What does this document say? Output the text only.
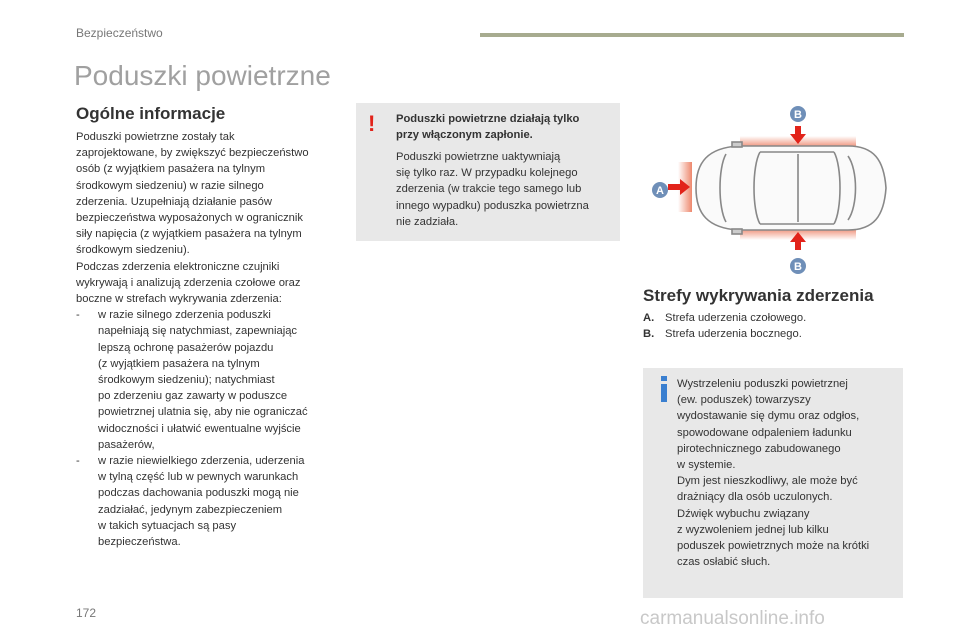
Bezpieczeństwo
Poduszki powietrzne
Ogólne informacje

Poduszki powietrzne zostały tak

zaprojektowane, by zwiększyć bezpieczeństwo

osób (z wyjątkiem pasażera na tylnym

środkowym siedzeniu) w razie silnego

zderzenia. Uzupełniają działanie pasów

bezpieczeństwa wyposażonych w ogranicznik

siły napięcia (z wyjątkiem pasażera na tylnym

środkowym siedzeniu).

Podczas zderzenia elektroniczne czujniki

wykrywają i analizują zderzenia czołowe oraz

boczne w strefach wykrywania zderzenia:

- w razie silnego zderzenia poduszki

napełniają się natychmiast, zapewniając

lepszą ochronę pasażerów pojazdu

(z wyjątkiem pasażera na tylnym

środkowym siedzeniu); natychmiast

po zderzeniu gaz zawarty w poduszce

powietrznej ulatnia się, aby nie ograniczać

widoczności i ułatwić ewentualne wyjście

pasażerów,

- w razie niewielkiego zderzenia, uderzenia

w tylną część lub w pewnych warunkach

podczas dachowania poduszki mogą nie

zadziałać, jedynym zabezpieczeniem

w takich sytuacjach są pasy

bezpieczeństwa.

! Poduszki powietrzne działają tylko
przy włączonym zapłonie.
Poduszki powietrzne uaktywniają
się tylko raz. W przypadku kolejnego
zderzenia (w trakcie tego samego lub
innego wypadku) poduszka powietrzna
nie zadziała.
A
B
B
Strefy wykrywania zderzenia
A. Strefa uderzenia czołowego.
B. Strefa uderzenia bocznego.
Wystrzeleniu poduszki powietrznej
(ew. poduszek) towarzyszy
wydostawanie się dymu oraz odgłos,
spowodowane odpaleniem ładunku
pirotechnicznego zabudowanego
w systemie.
Dym jest nieszkodliwy, ale może być
drażniący dla osób uczulonych.
Dźwięk wybuchu związany
z wyzwoleniem jednej lub kilku
poduszek powietrznych może na krótki
czas osłabić słuch.
172	carmanualsonline.info
